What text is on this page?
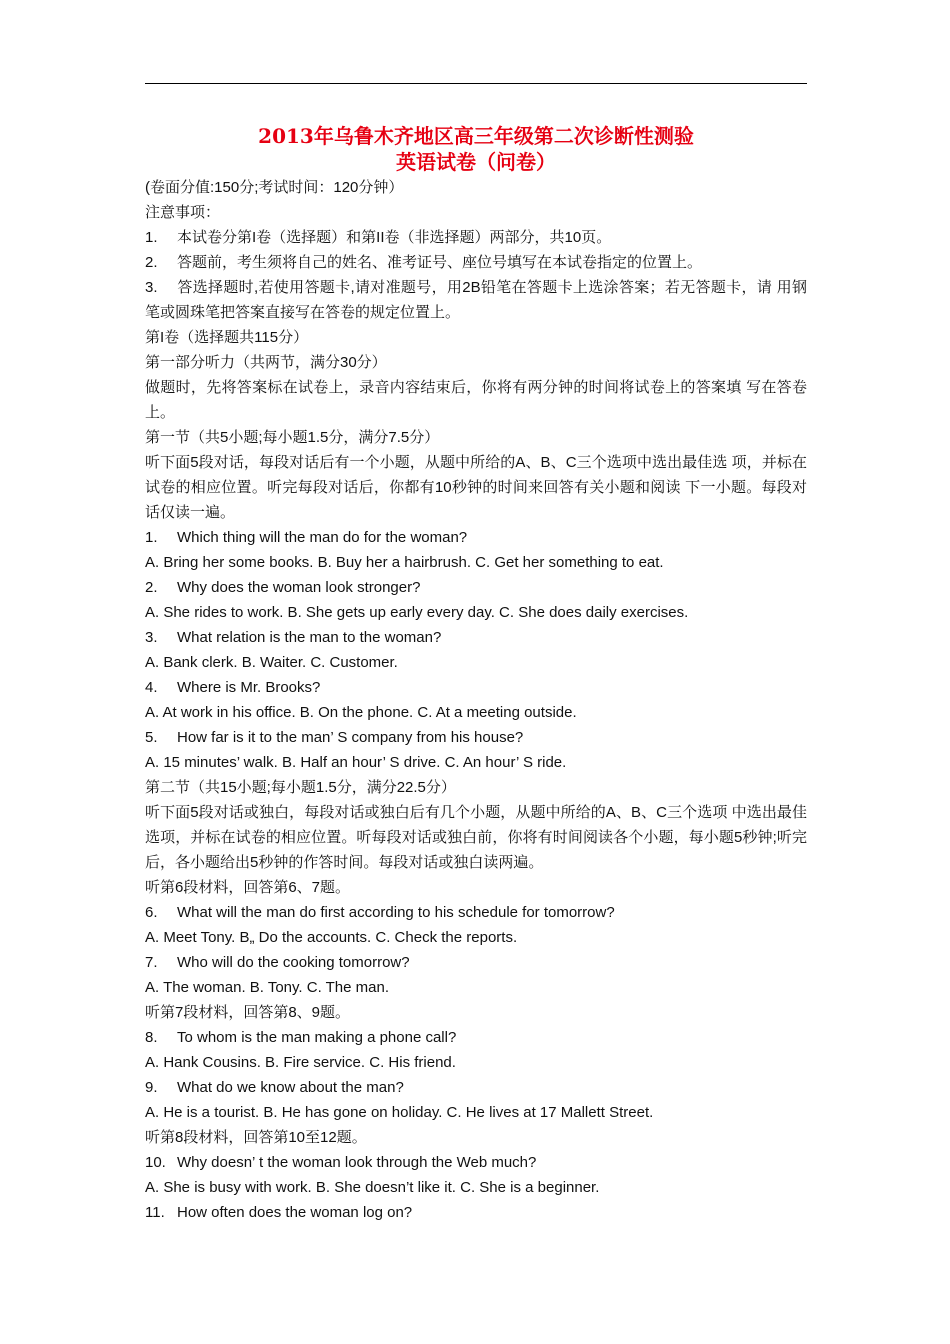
2013年乌鲁木齐地区高三年级第二次诊断性测验

英语试卷（问卷）

(卷面分值:150分;考试时间：120分钟）

注意事项：

1. 本试卷分第I卷（选择题）和第II卷（非选择题）两部分，共10页。

2. 答题前，考生须将自己的姓名、准考证号、座位号填写在本试卷指定的位置上。

3. 答选择题时,若使用答题卡,请对准题号，用2B铅笔在答题卡上选涂答案；若无答题卡，请 用钢笔或圆珠笔把答案直接写在答卷的规定位置上。

第I卷（选择题共115分）

第一部分听力（共两节，满分30分）

做题时，先将答案标在试卷上，录音内容结束后，你将有两分钟的时间将试卷上的答案填 写在答卷上。

第一节（共5小题;每小题1.5分，满分7.5分）

听下面5段对话，每段对话后有一个小题，从题中所给的A、B、C三个选项中选出最佳选 项，并标在试卷的相应位置。听完每段对话后，你都有10秒钟的时间来回答有关小题和阅读 下一小题。每段对话仅读一遍。

1. Which thing will the man do for the woman?

A. Bring her some books. B. Buy her a hairbrush. C. Get her something to eat.

2. Why does the woman look stronger?

A. She rides to work. B. She gets up early every day. C. She does daily exercises.

3. What relation is the man to the woman?

A. Bank clerk. B. Waiter. C. Customer.

4. Where is Mr. Brooks?

A. At work in his office. B. On the phone. C. At a meeting outside.

5. How far is it to the man’ S company from his house?

A. 15 minutes’ walk. B. Half an hour’ S drive. C. An hour’ S ride.

第二节（共15小题;每小题1.5分，满分22.5分）

听下面5段对话或独白，每段对话或独白后有几个小题，从题中所给的A、B、C三个选项 中选出最佳选项，并标在试卷的相应位置。听每段对话或独白前，你将有时间阅读各个小题，每小题5秒钟;听完后，各小题给出5秒钟的作答时间。每段对话或独白读两遍。

听第6段材料，回答第6、7题。

6. What will the man do first according to his schedule for tomorrow?

A. Meet Tony. B„ Do the accounts. C. Check the reports.

7. Who will do the cooking tomorrow?

A. The woman. B. Tony. C. The man.

听第7段材料，回答第8、9题。

8. To whom is the man making a phone call?

A. Hank Cousins. B. Fire service. C. His friend.

9. What do we know about the man?

A. He is a tourist. B. He has gone on holiday. C. He lives at 17 Mallett Street.

听第8段材料，回答第10至12题。

10. Why doesn’ t the woman look through the Web much?

A. She is busy with work. B. She doesn’t like it. C. She is a beginner.

11. How often does the woman log on?
